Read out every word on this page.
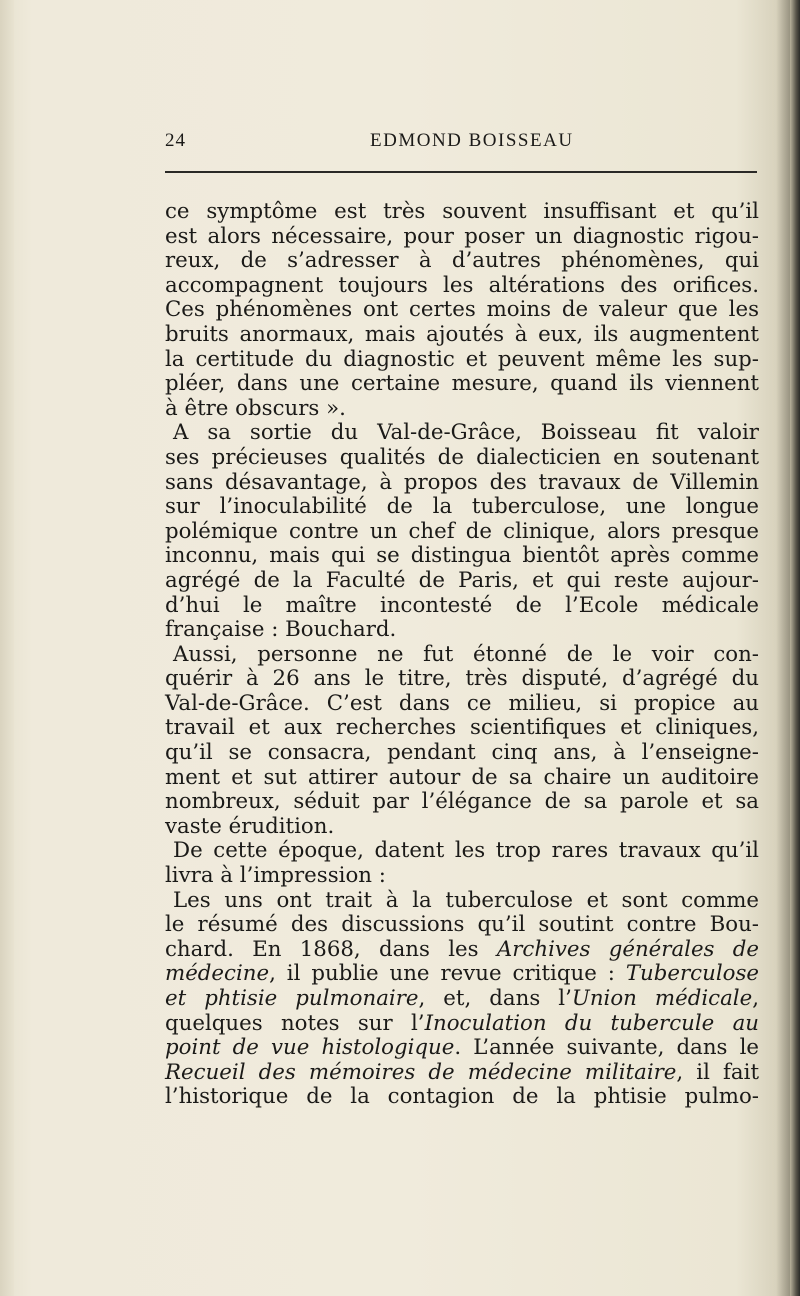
24	EDMOND BOISSEAU
ce symptôme est très souvent insuffisant et qu’il
est alors nécessaire, pour poser un diagnostic rigou-
reux, de s’adresser à d’autres phénomènes, qui
accompagnent toujours les altérations des orifices.
Ces phénomènes ont certes moins de valeur que les
bruits anormaux, mais ajoutés à eux, ils augmentent
la certitude du diagnostic et peuvent même les sup-
pléer, dans une certaine mesure, quand ils viennent
à être obscurs ».
A sa sortie du Val-de-Grâce, Boisseau fit valoir
ses précieuses qualités de dialecticien en soutenant
sans désavantage, à propos des travaux de Villemin
sur l’inoculabilité de la tuberculose, une longue
polémique contre un chef de clinique, alors presque
inconnu, mais qui se distingua bientôt après comme
agrégé de la Faculté de Paris, et qui reste aujour-
d’hui le maître incontesté de l’Ecole médicale
française : Bouchard.
Aussi, personne ne fut étonné de le voir con-
quérir à 26 ans le titre, très disputé, d’agrégé du
Val-de-Grâce. C’est dans ce milieu, si propice au
travail et aux recherches scientifiques et cliniques,
qu’il se consacra, pendant cinq ans, à l’enseigne-
ment et sut attirer autour de sa chaire un auditoire
nombreux, séduit par l’élégance de sa parole et sa
vaste érudition.
De cette époque, datent les trop rares travaux qu’il
livra à l’impression :
Les uns ont trait à la tuberculose et sont comme
le résumé des discussions qu’il soutint contre Bou-
chard. En 1868, dans les Archives générales de
médecine, il publie une revue critique : Tuberculose
et phtisie pulmonaire, et, dans l’Union médicale,
quelques notes sur l’Inoculation du tubercule au
point de vue histologique. L’année suivante, dans le
Recueil des mémoires de médecine militaire, il fait
l’historique de la contagion de la phtisie pulmo-
